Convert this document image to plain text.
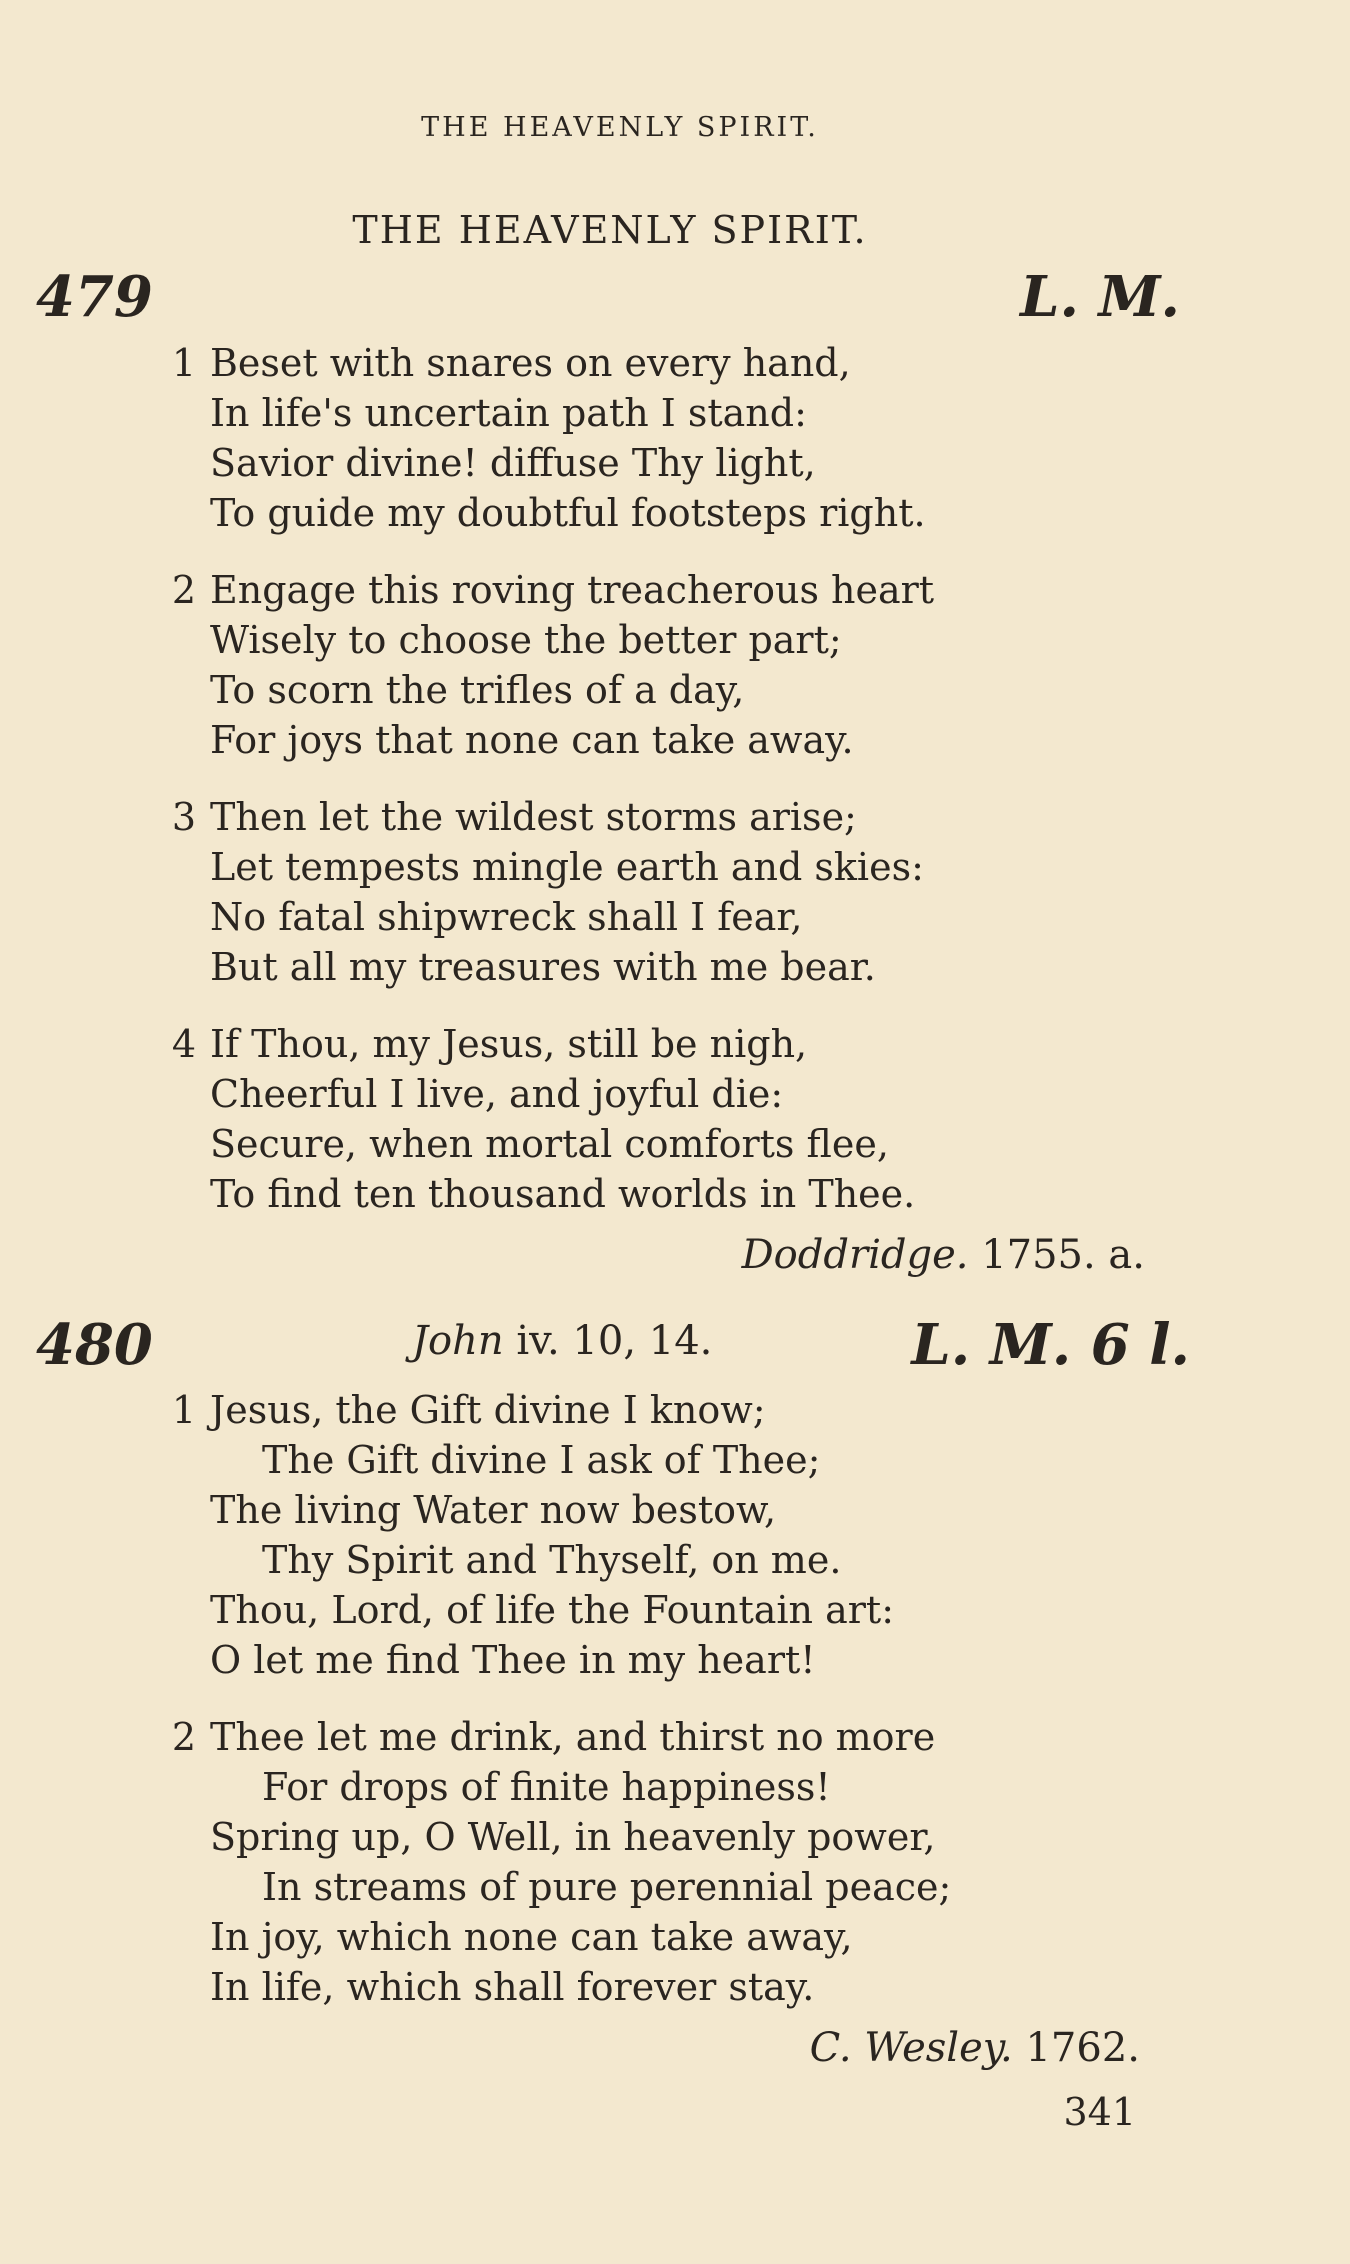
THE HEAVENLY SPIRIT.
THE HEAVENLY SPIRIT.
479	L. M.
1 Beset with snares on every hand,
In life's uncertain path I stand:
Savior divine! diffuse Thy light,
To guide my doubtful footsteps right.
2 Engage this roving treacherous heart
Wisely to choose the better part;
To scorn the trifles of a day,
For joys that none can take away.
3 Then let the wildest storms arise;
Let tempests mingle earth and skies:
No fatal shipwreck shall I fear,
But all my treasures with me bear.
4 If Thou, my Jesus, still be nigh,
Cheerful I live, and joyful die:
Secure, when mortal comforts flee,
To find ten thousand worlds in Thee.
Doddridge. 1755. a.
480	John iv. 10, 14.	L. M. 6 l.
1 Jesus, the Gift divine I know;
The Gift divine I ask of Thee;
The living Water now bestow,
Thy Spirit and Thyself, on me.
Thou, Lord, of life the Fountain art:
O let me find Thee in my heart!
2 Thee let me drink, and thirst no more
For drops of finite happiness!
Spring up, O Well, in heavenly power,
In streams of pure perennial peace;
In joy, which none can take away,
In life, which shall forever stay.
C. Wesley. 1762.
341
